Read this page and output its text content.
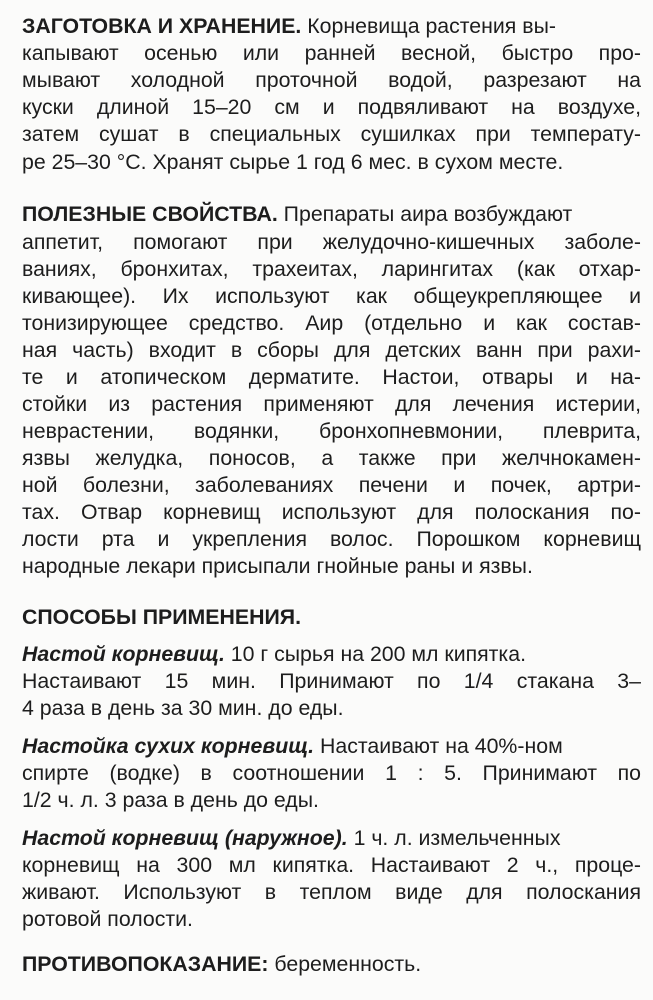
ЗАГОТОВКА И ХРАНЕНИЕ. Корневища растения вы-
капывают осенью или ранней весной, быстро про-
мывают холодной проточной водой, разрезают на
куски длиной 15–20 см и подвяливают на воздухе,
затем сушат в специальных сушилках при температу-
ре 25–30 °С. Хранят сырье 1 год 6 мес. в сухом месте.
ПОЛЕЗНЫЕ СВОЙСТВА. Препараты аира возбуждают
аппетит, помогают при желудочно-кишечных заболе-
ваниях, бронхитах, трахеитах, ларингитах (как отхар-
кивающее). Их используют как общеукрепляющее и
тонизирующее средство. Аир (отдельно и как состав-
ная часть) входит в сборы для детских ванн при рахи-
те и атопическом дерматите. Настои, отвары и на-
стойки из растения применяют для лечения истерии,
неврастении, водянки, бронхопневмонии, плеврита,
язвы желудка, поносов, а также при желчнокамен-
ной болезни, заболеваниях печени и почек, артри-
тах. Отвар корневищ используют для полоскания по-
лости рта и укрепления волос. Порошком корневищ
народные лекари присыпали гнойные раны и язвы.
СПОСОБЫ ПРИМЕНЕНИЯ.
Настой корневищ. 10 г сырья на 200 мл кипятка.
Настаивают 15 мин. Принимают по 1/4 стакана 3–
4 раза в день за 30 мин. до еды.
Настойка сухих корневищ. Настаивают на 40%-ном
спирте (водке) в соотношении 1 : 5. Принимают по
1/2 ч. л. 3 раза в день до еды.
Настой корневищ (наружное). 1 ч. л. измельченных
корневищ на 300 мл кипятка. Настаивают 2 ч., проце-
живают. Используют в теплом виде для полоскания
ротовой полости.
ПРОТИВОПОКАЗАНИЕ: беременность.
